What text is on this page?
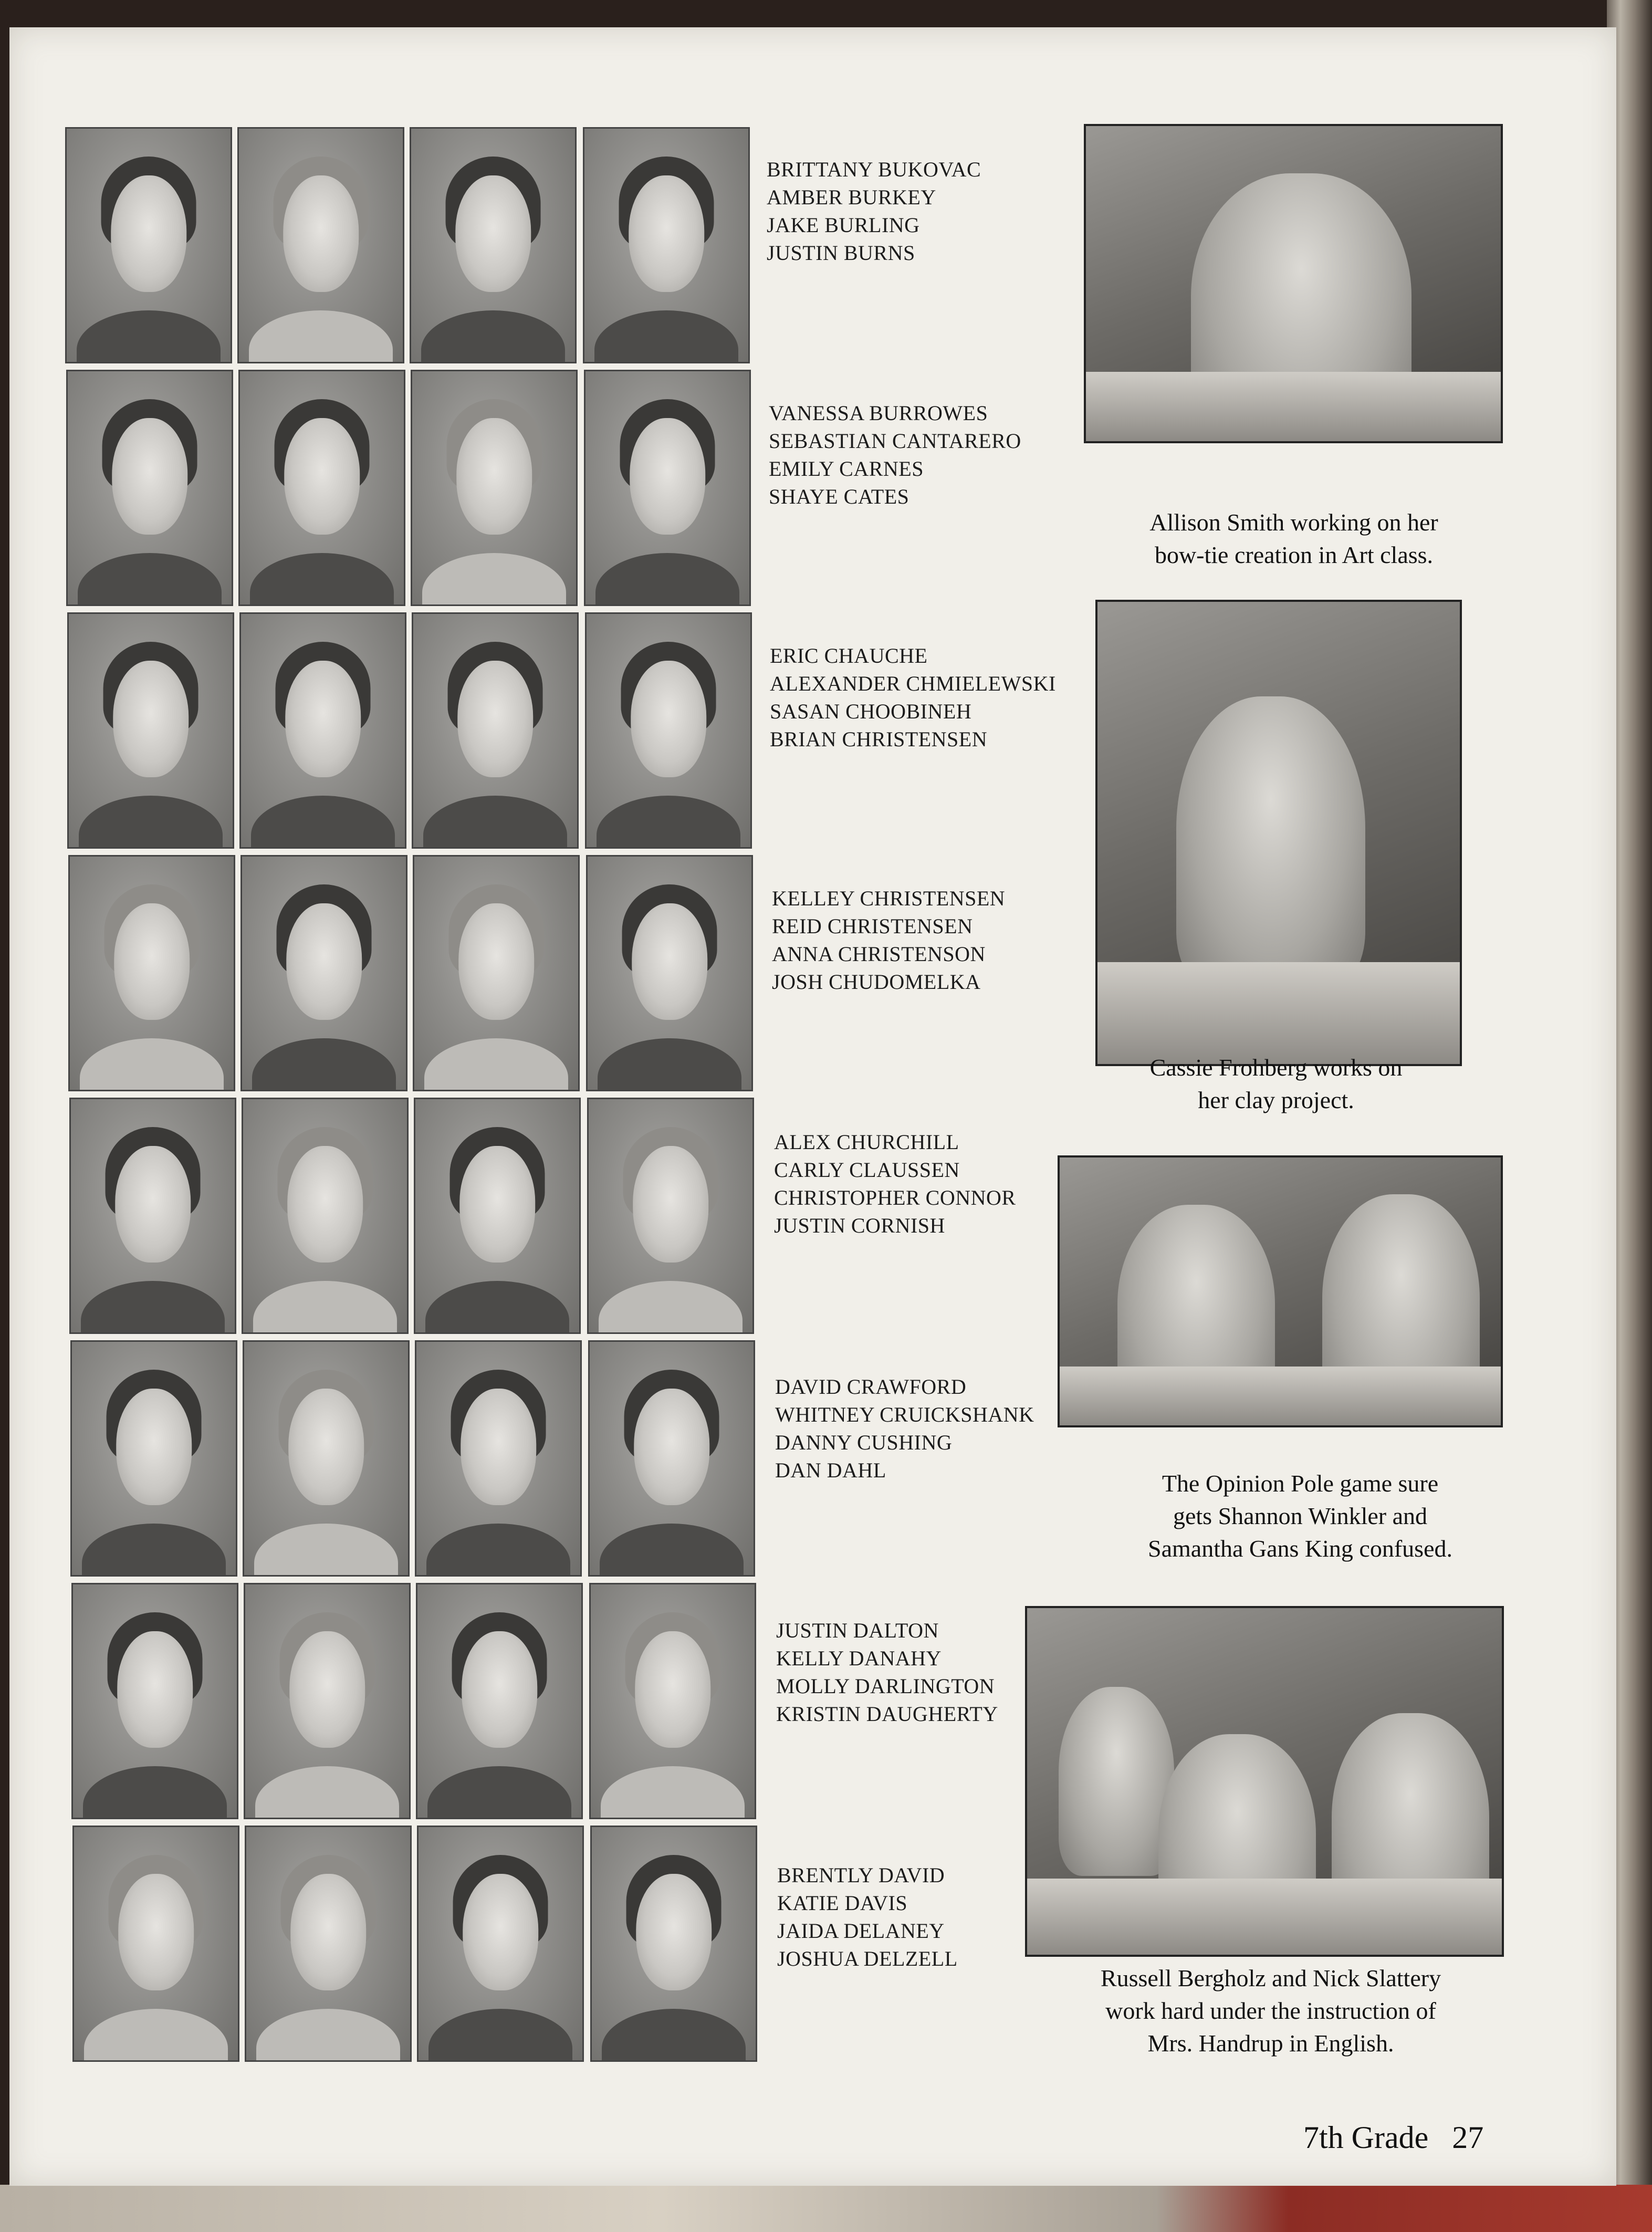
BRITTANY BUKOVAC
AMBER BURKEY
JAKE BURLING
JUSTIN BURNS
VANESSA BURROWES
SEBASTIAN CANTARERO
EMILY CARNES
SHAYE CATES
ERIC CHAUCHE
ALEXANDER CHMIELEWSKI
SASAN CHOOBINEH
BRIAN CHRISTENSEN
KELLEY CHRISTENSEN
REID CHRISTENSEN
ANNA CHRISTENSON
JOSH CHUDOMELKA
ALEX CHURCHILL
CARLY CLAUSSEN
CHRISTOPHER CONNOR
JUSTIN CORNISH
DAVID CRAWFORD
WHITNEY CRUICKSHANK
DANNY CUSHING
DAN DAHL
JUSTIN DALTON
KELLY DANAHY
MOLLY DARLINGTON
KRISTIN DAUGHERTY
BRENTLY DAVID
KATIE DAVIS
JAIDA DELANEY
JOSHUA DELZELL
Allison Smith working on her
bow-tie creation in Art class.
Cassie Frohberg works on
her clay project.
The Opinion Pole game sure
gets Shannon Winkler and
Samantha Gans King confused.
Russell Bergholz and Nick Slattery
work hard under the instruction of
Mrs. Handrup in English.
7th Grade 27
